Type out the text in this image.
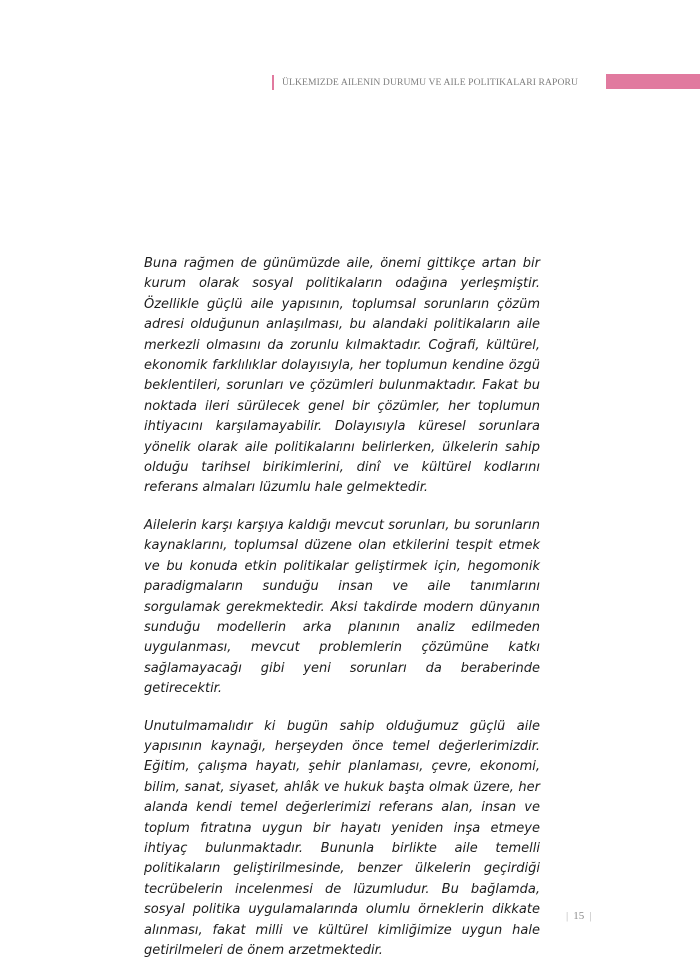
ÜLKEMIZDE AILENIN DURUMU VE AILE POLITIKALARI RAPORU

Buna rağmen de günümüzde aile, önemi gittikçe artan bir kurum olarak sosyal politikaların odağına yerleşmiştir. Özellikle güçlü aile yapısının, toplumsal sorunların çözüm adresi olduğunun anlaşılması, bu alandaki politikaların aile merkezli olmasını da zorunlu kılmaktadır. Coğrafi, kültürel, ekonomik farklılıklar dolayısıyla, her toplumun kendine özgü beklentileri, sorunları ve çözümleri bulunmaktadır. Fakat bu noktada ileri sürülecek genel bir çözümler, her toplumun ihtiyacını karşılamayabilir. Dolayısıyla küresel sorunlara yönelik olarak aile politikalarını belirlerken, ülkelerin sahip olduğu tarihsel birikimlerini, dinî ve kültürel kodlarını referans almaları lüzumlu hale gelmektedir.

Ailelerin karşı karşıya kaldığı mevcut sorunları, bu sorunların kaynaklarını, toplumsal düzene olan etkilerini tespit etmek ve bu konuda etkin politikalar geliştirmek için, hegomonik paradigmaların sunduğu insan ve aile tanımlarını sorgulamak gerekmektedir. Aksi takdirde modern dünyanın sunduğu modellerin arka planının analiz edilmeden uygulanması, mevcut problemlerin çözümüne katkı sağlamayacağı gibi yeni sorunları da beraberinde getirecektir.

Unutulmamalıdır ki bugün sahip olduğumuz güçlü aile yapısının kaynağı, herşeyden önce temel değerlerimizdir. Eğitim, çalışma hayatı, şehir planlaması, çevre, ekonomi, bilim, sanat, siyaset, ahlâk ve hukuk başta olmak üzere, her alanda kendi temel değerlerimizi referans alan, insan ve toplum fıtratına uygun bir hayatı yeniden inşa etmeye ihtiyaç bulunmaktadır. Bununla birlikte aile temelli politikaların geliştirilmesinde, benzer ülkelerin geçirdiği tecrübelerin incelenmesi de lüzumludur. Bu bağlamda, sosyal politika uygulamalarında olumlu örneklerin dikkate alınması, fakat milli ve kültürel kimliğimize uygun hale getirilmeleri de önem arzetmektedir.

| 15 |
